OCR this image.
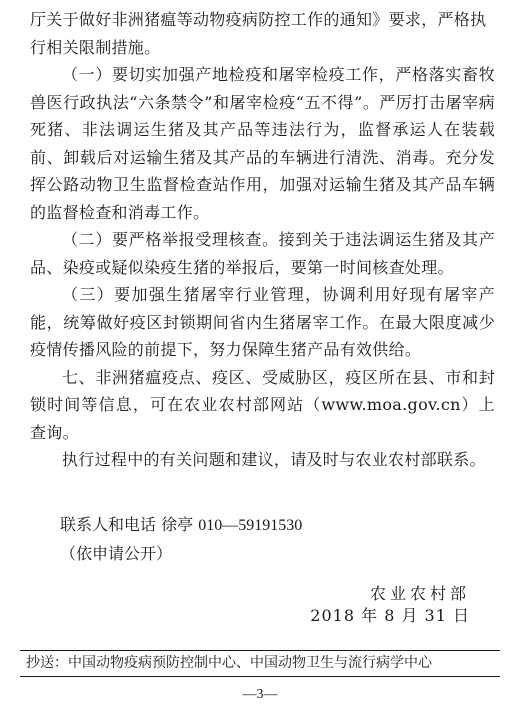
厅关于做好非洲猪瘟等动物疫病防控工作的通知》要求，严格执
行相关限制措施。

（一）要切实加强产地检疫和屠宰检疫工作，严格落实畜牧兽医行政执法“六条禁令”和屠宰检疫“五不得”。严厉打击屠宰病死猪、非法调运生猪及其产品等违法行为，监督承运人在装载前、卸载后对运输生猪及其产品的车辆进行清洗、消毒。充分发挥公路动物卫生监督检查站作用，加强对运输生猪及其产品车辆的监督检查和消毒工作。

（二）要严格举报受理核查。接到关于违法调运生猪及其产品、染疫或疑似染疫生猪的举报后，要第一时间核查处理。

（三）要加强生猪屠宰行业管理，协调利用好现有屠宰产能，统筹做好疫区封锁期间省内生猪屠宰工作。在最大限度减少疫情传播风险的前提下，努力保障生猪产品有效供给。

七、非洲猪瘟疫点、疫区、受威胁区，疫区所在县、市和封锁时间等信息，可在农业农村部网站（www.moa.gov.cn）上查询。

执行过程中的有关问题和建议，请及时与农业农村部联系。

联系人和电话 徐亭 010—59191530
（依申请公开）
农业农村部
2018 年 8 月 31 日
抄送：中国动物疫病预防控制中心、中国动物卫生与流行病学中心
—3—
